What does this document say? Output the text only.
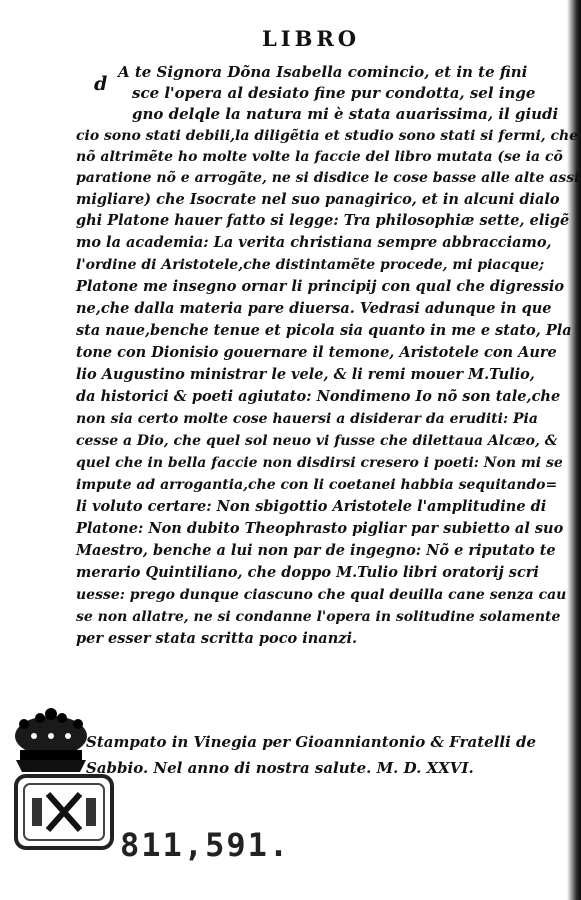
LIBRO
d
A te Signora Dõna Isabella comincio, et in te fini
sce l'opera al desiato fine pur condotta, sel inge
gno delqle la natura mi è stata auarissima, il giudi
cio sono stati debili,la diligẽtia et studio sono stati si fermi, che
nõ altrimẽte ho molte volte la faccie del libro mutata (se ia cõ
paratione nõ e arrogãte, ne si disdice le cose basse alle alte assi
migliare) che Isocrate nel suo panagirico, et in alcuni dialo
ghi Platone hauer fatto si legge: Tra philosophiæ sette, eligẽ
mo la academia: La verita christiana sempre abbracciamo,
l'ordine di Aristotele,che distintamẽte procede, mi piacque;
Platone me insegno ornar li principij con qual che digressio
ne,che dalla materia pare diuersa. Vedrasi adunque in que
sta naue,benche tenue et picola sia quanto in me e stato, Pla
tone con Dionisio gouernare il temone, Aristotele con Aure
lio Augustino ministrar le vele, & li remi mouer M.Tulio,
da historici & poeti agiutato: Nondimeno Io nõ son tale,che
non sia certo molte cose hauersi a disiderar da eruditi: Pia
cesse a Dio, che quel sol neuo vi fusse che dilettaua Alcæo, &
quel che in bella faccie non disdirsi cresero i poeti: Non mi se
impute ad arrogantia,che con li coetanei habbia sequitando=
li voluto certare: Non sbigottio Aristotele l'amplitudine di
Platone: Non dubito Theophrasto pigliar par subietto al suo
Maestro, benche a lui non par de ingegno: Nõ e riputato te
merario Quintiliano, che doppo M.Tulio libri oratorij scri
uesse: prego dunque ciascuno che qual deuilla cane senza cau
se non allatre, ne si condanne l'opera in solitudine solamente
per esser stata scritta poco inanzi.
Stampato in Vinegia per Gioanniantonio & Fratelli de
Sabbio. Nel anno di nostra salute. M. D. XXVI.
811,591.
